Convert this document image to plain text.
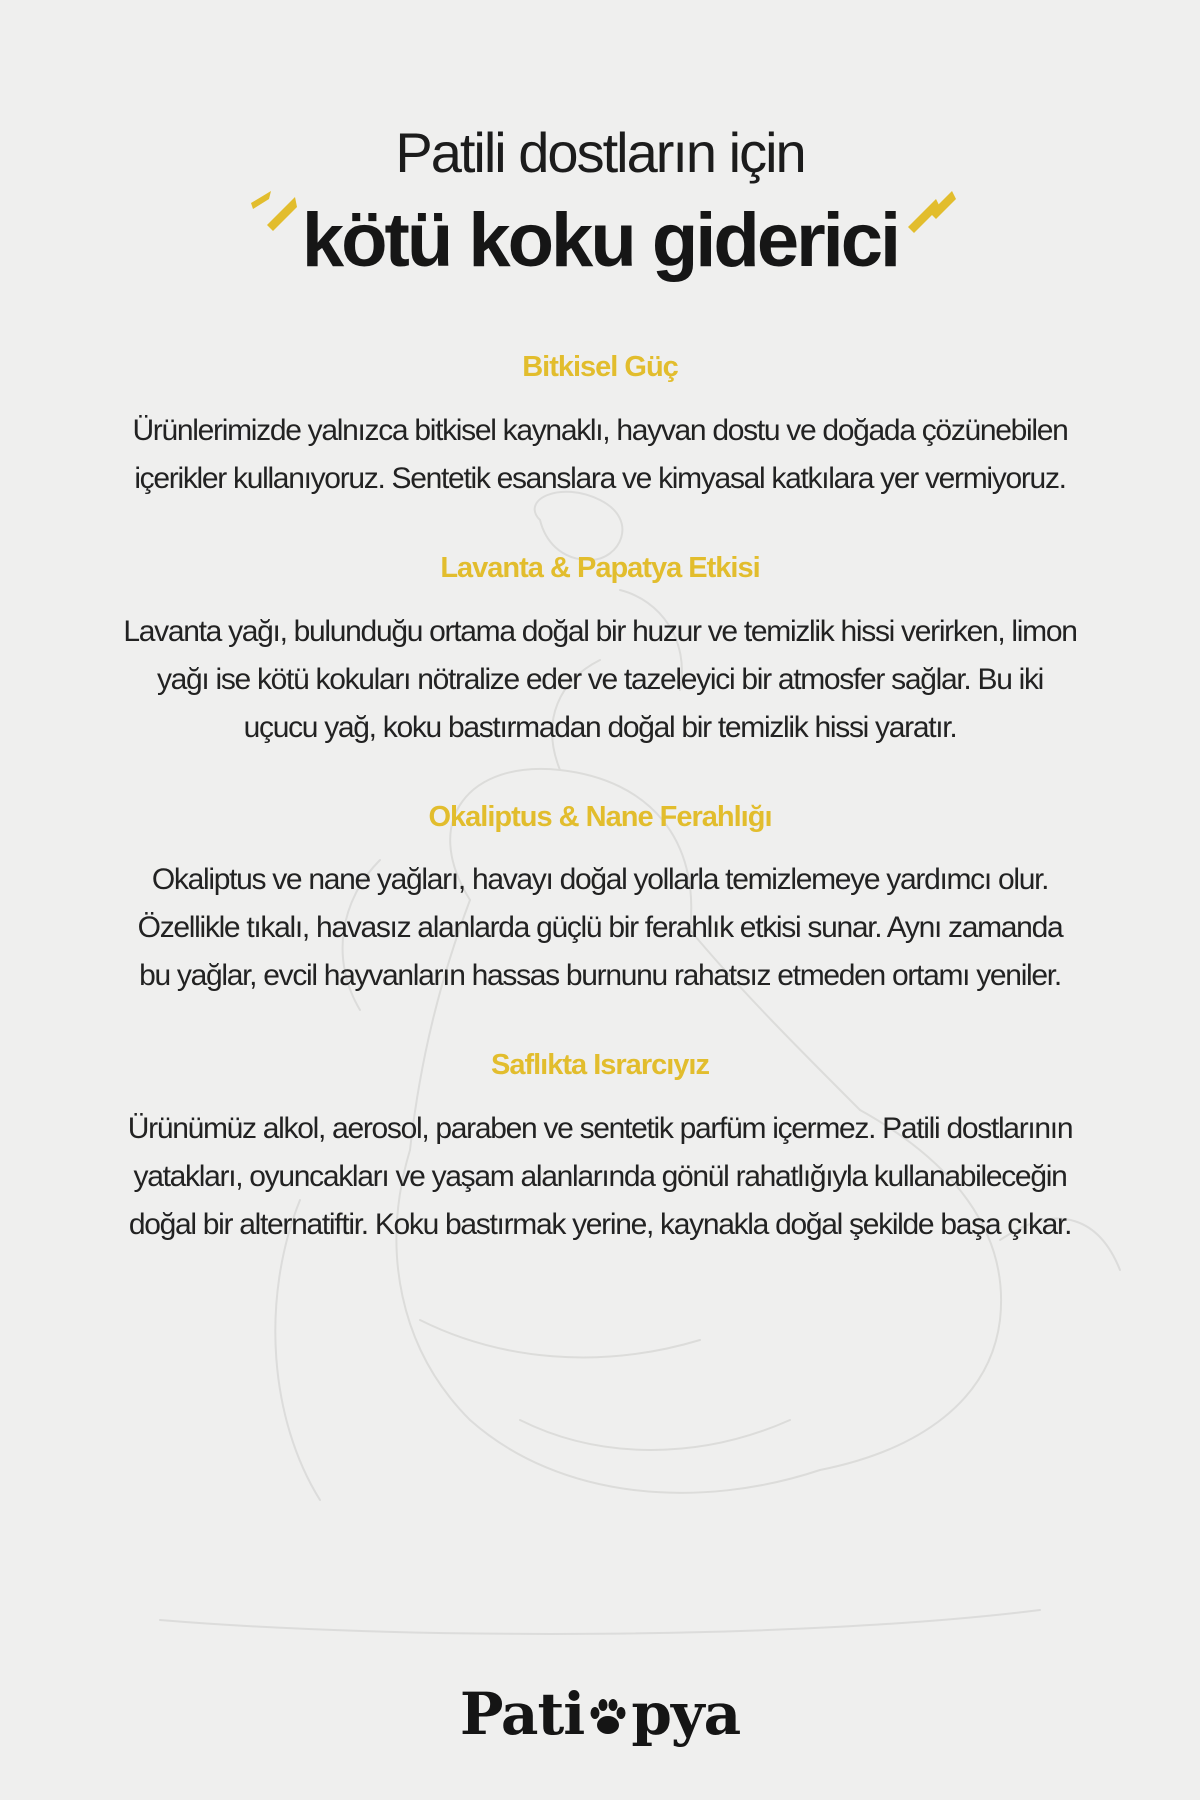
Patili dostların için

kötü koku giderici
Bitkisel Güç

Ürünlerimizde yalnızca bitkisel kaynaklı, hayvan dostu ve doğada çözünebilen içerikler kullanıyoruz. Sentetik esanslara ve kimyasal katkılara yer vermiyoruz.

Lavanta & Papatya Etkisi

Lavanta yağı, bulunduğu ortama doğal bir huzur ve temizlik hissi verirken, limon yağı ise kötü kokuları nötralize eder ve tazeleyici bir atmosfer sağlar. Bu iki uçucu yağ, koku bastırmadan doğal bir temizlik hissi yaratır.

Okaliptus & Nane Ferahlığı

Okaliptus ve nane yağları, havayı doğal yollarla temizlemeye yardımcı olur. Özellikle tıkalı, havasız alanlarda güçlü bir ferahlık etkisi sunar. Aynı zamanda bu yağlar, evcil hayvanların hassas burnunu rahatsız etmeden ortamı yeniler.

Saflıkta Israrcıyız

Ürünümüz alkol, aerosol, paraben ve sentetik parfüm içermez. Patili dostlarının yatakları, oyuncakları ve yaşam alanlarında gönül rahatlığıyla kullanabileceğin doğal bir alternatiftir. Koku bastırmak yerine, kaynakla doğal şekilde başa çıkar.

Pati pya
